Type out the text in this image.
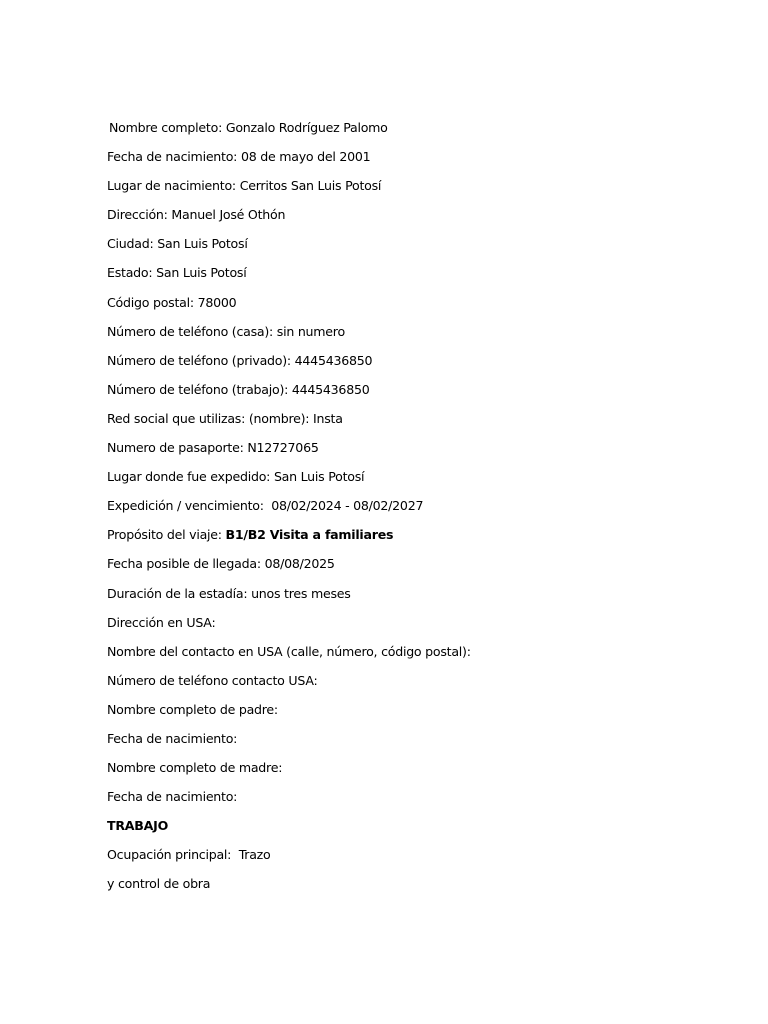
Nombre completo: Gonzalo Rodríguez Palomo
Fecha de nacimiento: 08 de mayo del 2001
Lugar de nacimiento: Cerritos San Luis Potosí
Dirección: Manuel José Othón
Ciudad: San Luis Potosí
Estado: San Luis Potosí
Código postal: 78000
Número de teléfono (casa): sin numero
Número de teléfono (privado): 4445436850
Número de teléfono (trabajo): 4445436850
Red social que utilizas: (nombre): Insta
Numero de pasaporte: N12727065
Lugar donde fue expedido: San Luis Potosí
Expedición / vencimiento:  08/02/2024 - 08/02/2027
Propósito del viaje: B1/B2 Visita a familiares
Fecha posible de llegada: 08/08/2025
Duración de la estadía: unos tres meses
Dirección en USA:
Nombre del contacto en USA (calle, número, código postal):
Número de teléfono contacto USA:
Nombre completo de padre:
Fecha de nacimiento:
Nombre completo de madre:
Fecha de nacimiento:
TRABAJO
Ocupación principal:  Trazo
y control de obra
